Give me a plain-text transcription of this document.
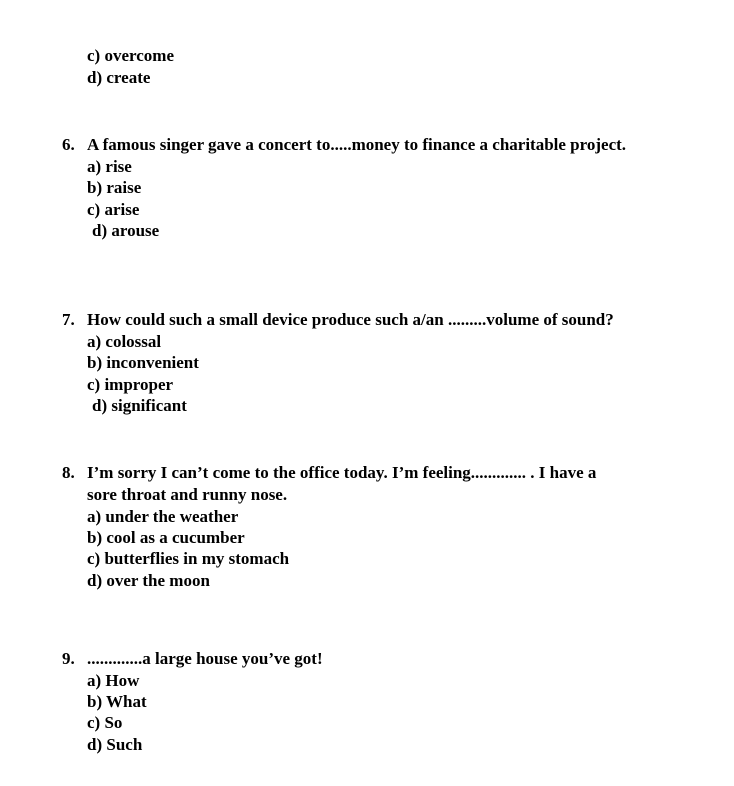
c) overcome
d) create
6. A famous singer gave a concert to.....money to finance a charitable project.
a) rise
b) raise
c) arise
d) arouse
7. How could such a small device produce such a/an .........volume of sound?
a) colossal
b) inconvenient
c) improper
d) significant
8. I’m sorry I can’t come to the office today. I’m feeling............. . I have a
sore throat and runny nose.
a) under the weather
b) cool as a cucumber
c) butterflies in my stomach
d) over the moon
9. .............a large house you’ve got!
a) How
b) What
c) So
d) Such
